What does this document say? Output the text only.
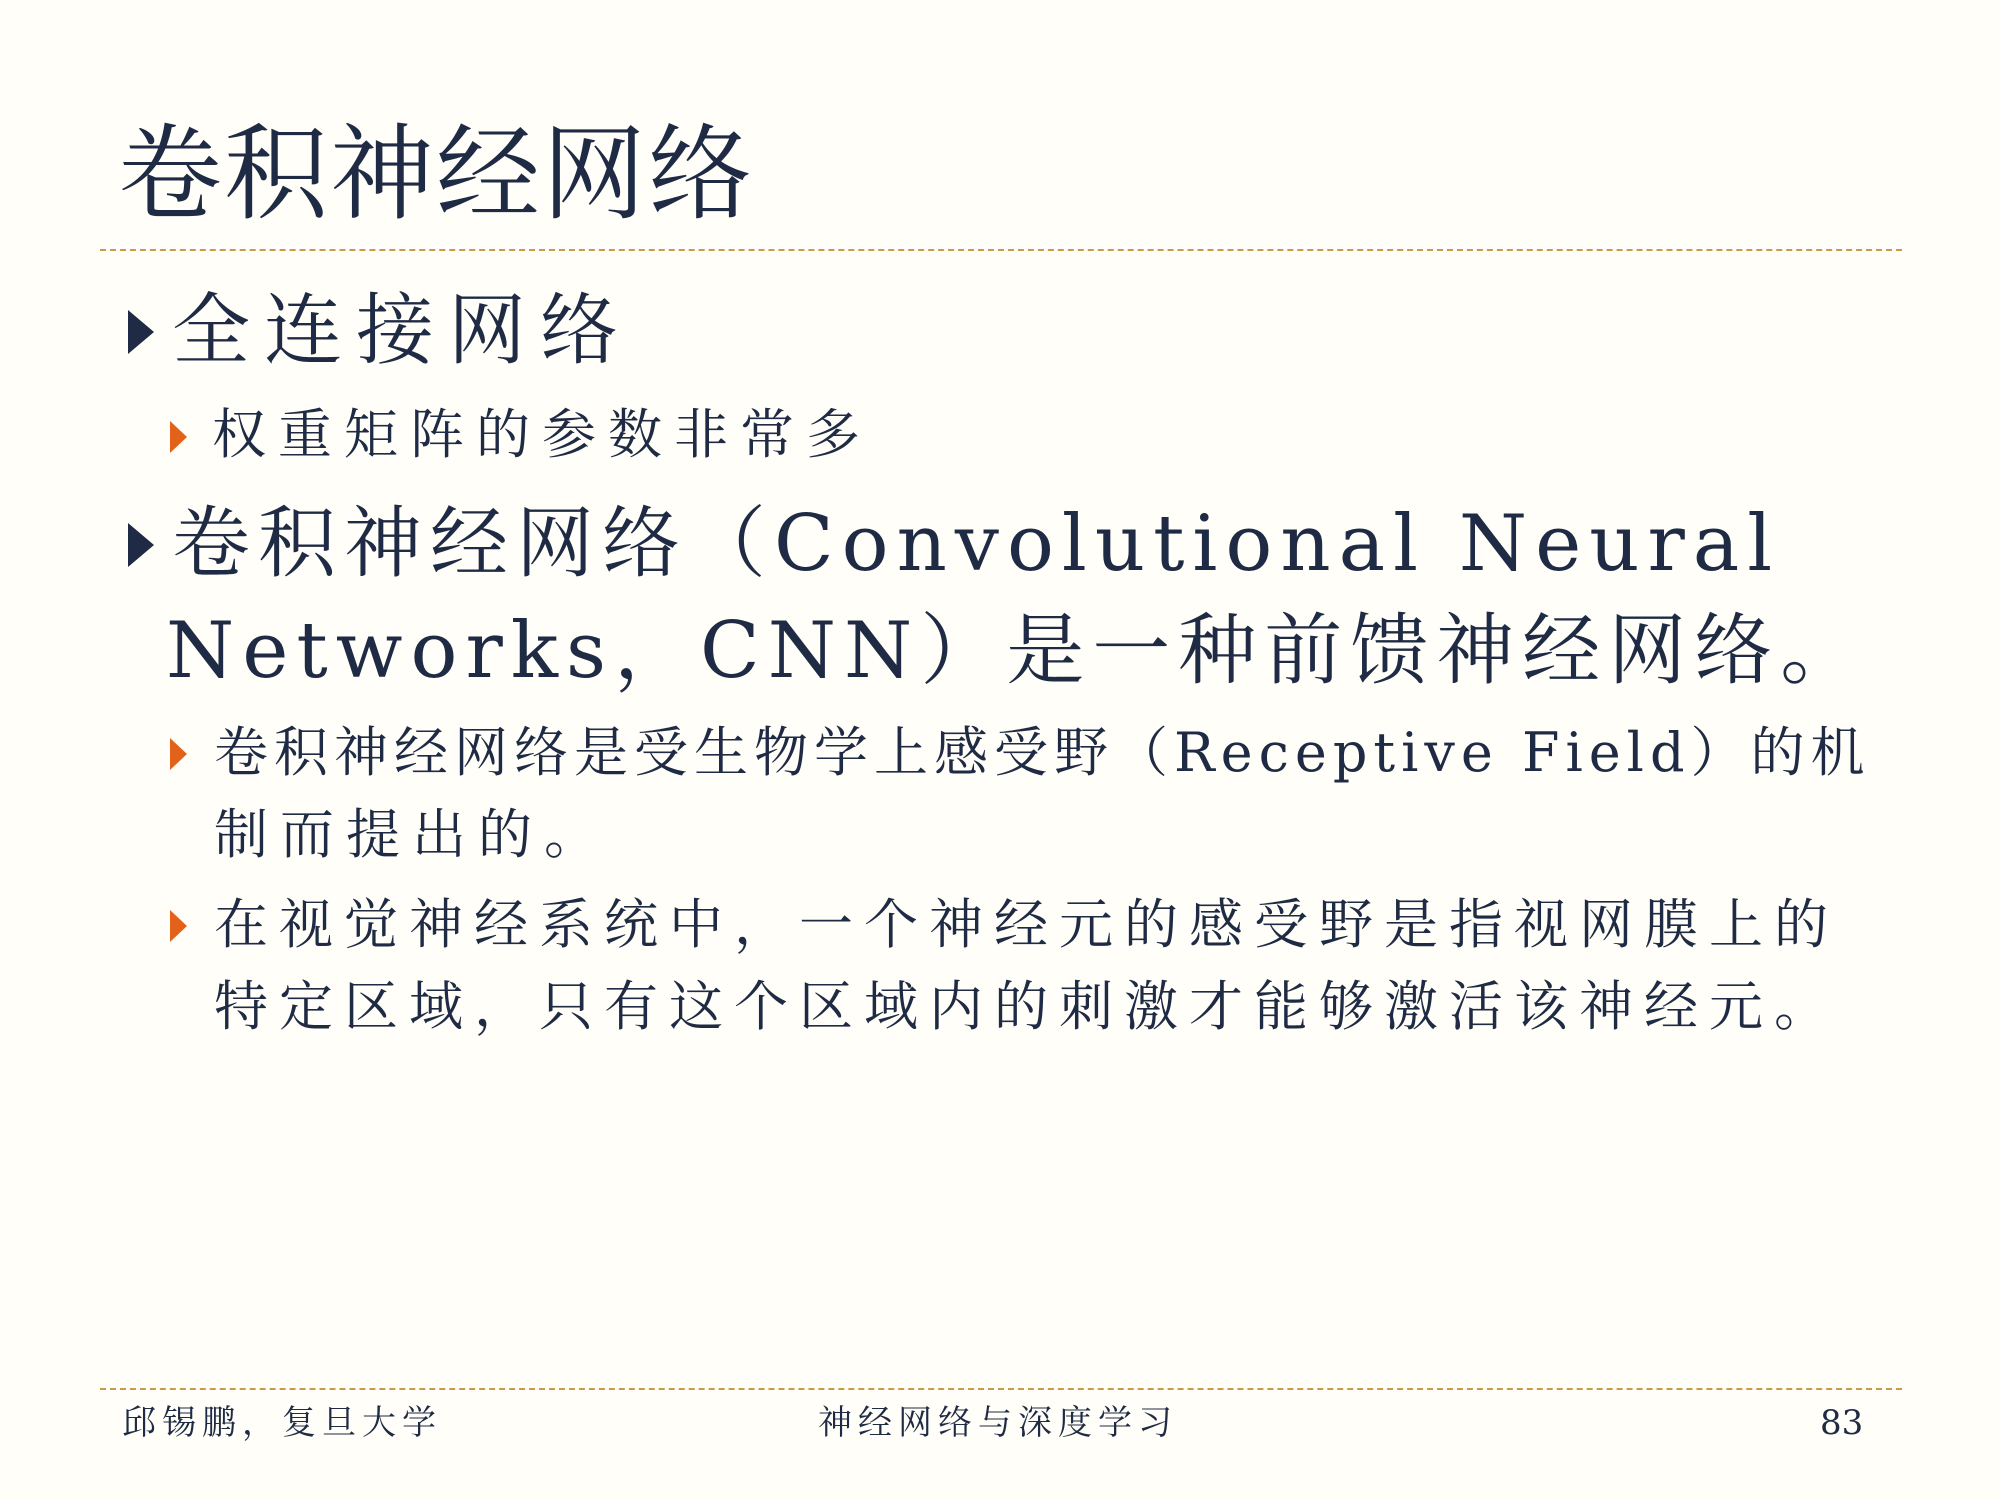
卷积神经网络
全连接网络
权重矩阵的参数非常多
卷积神经网络（Convolutional Neural
Networks，CNN）是一种前馈神经网络。
卷积神经网络是受生物学上感受野（Receptive Field）的机
制而提出的。
在视觉神经系统中，一个神经元的感受野是指视网膜上的
特定区域，只有这个区域内的刺激才能够激活该神经元。
邱锡鹏，复旦大学	神经网络与深度学习	83
